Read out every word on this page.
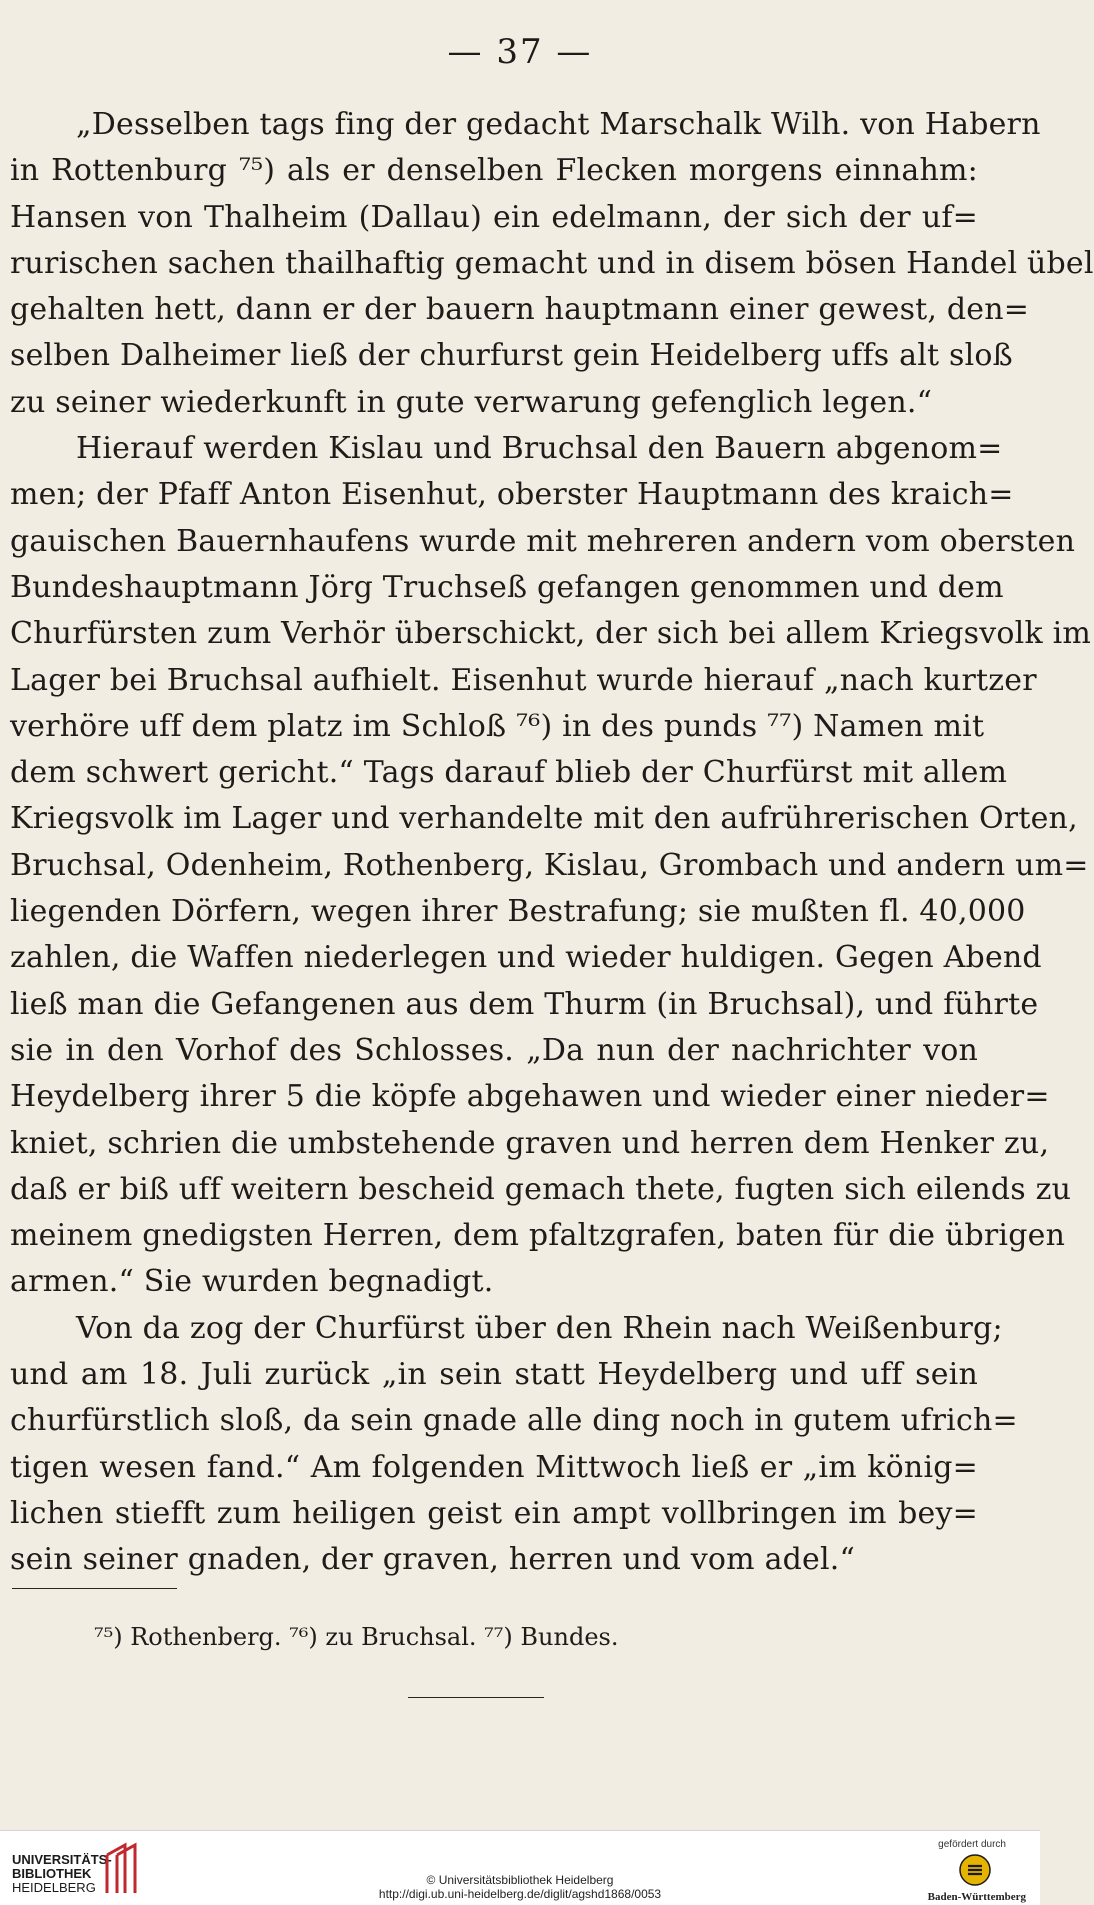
— 37 —
„Desselben tags fing der gedacht Marschalk Wilh. von Habern
in Rottenburg ⁷⁵) als er denselben Flecken morgens einnahm:
Hansen von Thalheim (Dallau) ein edelmann, der sich der uf=
rurischen sachen thailhaftig gemacht und in disem bösen Handel übel
gehalten hett, dann er der bauern hauptmann einer gewest, den=
selben Dalheimer ließ der churfurst gein Heidelberg uffs alt sloß
zu seiner wiederkunft in gute verwarung gefenglich legen.“
Hierauf werden Kislau und Bruchsal den Bauern abgenom=
men; der Pfaff Anton Eisenhut, oberster Hauptmann des kraich=
gauischen Bauernhaufens wurde mit mehreren andern vom obersten
Bundeshauptmann Jörg Truchseß gefangen genommen und dem
Churfürsten zum Verhör überschickt, der sich bei allem Kriegsvolk im
Lager bei Bruchsal aufhielt. Eisenhut wurde hierauf „nach kurtzer
verhöre uff dem platz im Schloß ⁷⁶) in des punds ⁷⁷) Namen mit
dem schwert gericht.“ Tags darauf blieb der Churfürst mit allem
Kriegsvolk im Lager und verhandelte mit den aufrührerischen Orten,
Bruchsal, Odenheim, Rothenberg, Kislau, Grombach und andern um=
liegenden Dörfern, wegen ihrer Bestrafung; sie mußten fl. 40,000
zahlen, die Waffen niederlegen und wieder huldigen. Gegen Abend
ließ man die Gefangenen aus dem Thurm (in Bruchsal), und führte
sie in den Vorhof des Schlosses. „Da nun der nachrichter von
Heydelberg ihrer 5 die köpfe abgehawen und wieder einer nieder=
kniet, schrien die umbstehende graven und herren dem Henker zu,
daß er biß uff weitern bescheid gemach thete, fugten sich eilends zu
meinem gnedigsten Herren, dem pfaltzgrafen, baten für die übrigen
armen.“ Sie wurden begnadigt.
Von da zog der Churfürst über den Rhein nach Weißenburg;
und am 18. Juli zurück „in sein statt Heydelberg und uff sein
churfürstlich sloß, da sein gnade alle ding noch in gutem ufrich=
tigen wesen fand.“ Am folgenden Mittwoch ließ er „im könig=
lichen stiefft zum heiligen geist ein ampt vollbringen im bey=
sein seiner gnaden, der graven, herren und vom adel.“
⁷⁵) Rothenberg. ⁷⁶) zu Bruchsal. ⁷⁷) Bundes.
UNIVERSITÄTS-
BIBLIOTHEK
HEIDELBERG	© Universitätsbibliothek Heidelberg
http://digi.ub.uni-heidelberg.de/diglit/agshd1868/0053
gefördert durch
Baden-Württemberg
